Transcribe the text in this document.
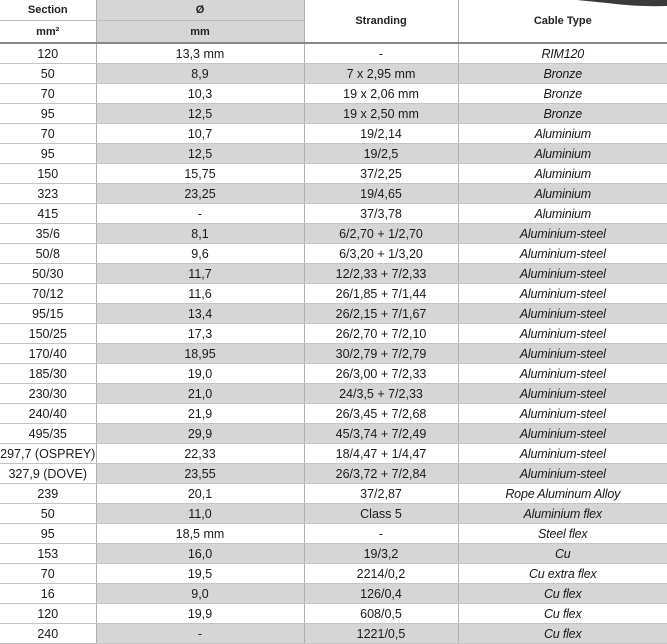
Section	Ø	Stranding	Cable Type
mm²	mm		
120	13,3 mm	-	RIM120
50	8,9	7 x 2,95 mm	Bronze
70	10,3	19 x 2,06 mm	Bronze
95	12,5	19 x 2,50 mm	Bronze
70	10,7	19/2,14	Aluminium
95	12,5	19/2,5	Aluminium
150	15,75	37/2,25	Aluminium
323	23,25	19/4,65	Aluminium
415	-	37/3,78	Aluminium
35/6	8,1	6/2,70 + 1/2,70	Aluminium-steel
50/8	9,6	6/3,20 + 1/3,20	Aluminium-steel
50/30	11,7	12/2,33 + 7/2,33	Aluminium-steel
70/12	11,6	26/1,85 + 7/1,44	Aluminium-steel
95/15	13,4	26/2,15 + 7/1,67	Aluminium-steel
150/25	17,3	26/2,70 + 7/2,10	Aluminium-steel
170/40	18,95	30/2,79 + 7/2,79	Aluminium-steel
185/30	19,0	26/3,00 + 7/2,33	Aluminium-steel
230/30	21,0	24/3,5 + 7/2,33	Aluminium-steel
240/40	21,9	26/3,45 + 7/2,68	Aluminium-steel
495/35	29,9	45/3,74 + 7/2,49	Aluminium-steel
297,7 (OSPREY)	22,33	18/4,47 + 1/4,47	Aluminium-steel
327,9 (DOVE)	23,55	26/3,72 + 7/2,84	Aluminium-steel
239	20,1	37/2,87	Rope Aluminum Alloy
50	11,0	Class 5	Aluminium flex
95	18,5 mm	-	Steel flex
153	16,0	19/3,2	Cu
70	19,5	2214/0,2	Cu extra flex
16	9,0	126/0,4	Cu flex
120	19,9	608/0,5	Cu flex
240	-	1221/0,5	Cu flex
